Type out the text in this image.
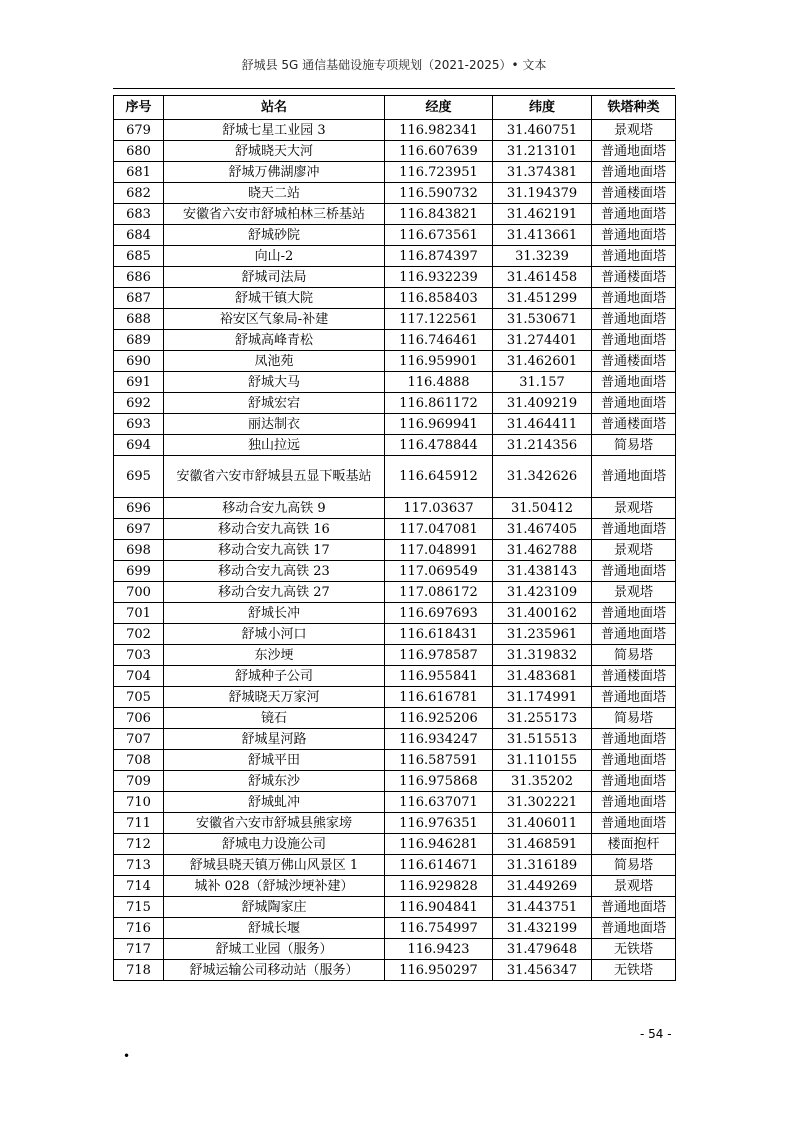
舒城县 5G 通信基础设施专项规划（2021-2025）• 文本
序号	站名	经度	纬度	铁塔种类
679	舒城七星工业园 3	116.982341	31.460751	景观塔
680	舒城晓天大河	116.607639	31.213101	普通地面塔
681	舒城万佛湖廖冲	116.723951	31.374381	普通地面塔
682	晓天二站	116.590732	31.194379	普通楼面塔
683	安徽省六安市舒城柏林三桥基站	116.843821	31.462191	普通地面塔
684	舒城砂院	116.673561	31.413661	普通地面塔
685	向山-2	116.874397	31.3239	普通地面塔
686	舒城司法局	116.932239	31.461458	普通楼面塔
687	舒城干镇大院	116.858403	31.451299	普通地面塔
688	裕安区气象局-补建	117.122561	31.530671	普通地面塔
689	舒城高峰青松	116.746461	31.274401	普通地面塔
690	凤池苑	116.959901	31.462601	普通楼面塔
691	舒城大马	116.4888	31.157	普通地面塔
692	舒城宏宕	116.861172	31.409219	普通地面塔
693	丽达制衣	116.969941	31.464411	普通楼面塔
694	独山拉远	116.478844	31.214356	简易塔
695	安徽省六安市舒城县五显下畈基站	116.645912	31.342626	普通地面塔
696	移动合安九高铁 9	117.03637	31.50412	景观塔
697	移动合安九高铁 16	117.047081	31.467405	普通地面塔
698	移动合安九高铁 17	117.048991	31.462788	景观塔
699	移动合安九高铁 23	117.069549	31.438143	普通地面塔
700	移动合安九高铁 27	117.086172	31.423109	景观塔
701	舒城长冲	116.697693	31.400162	普通地面塔
702	舒城小河口	116.618431	31.235961	普通地面塔
703	东沙埂	116.978587	31.319832	简易塔
704	舒城种子公司	116.955841	31.483681	普通楼面塔
705	舒城晓天万家河	116.616781	31.174991	普通地面塔
706	镜石	116.925206	31.255173	简易塔
707	舒城星河路	116.934247	31.515513	普通地面塔
708	舒城平田	116.587591	31.110155	普通地面塔
709	舒城东沙	116.975868	31.35202	普通地面塔
710	舒城虬冲	116.637071	31.302221	普通地面塔
711	安徽省六安市舒城县熊家塝	116.976351	31.406011	普通地面塔
712	舒城电力设施公司	116.946281	31.468591	楼面抱杆
713	舒城县晓天镇万佛山风景区 1	116.614671	31.316189	简易塔
714	城补 028（舒城沙埂补建）	116.929828	31.449269	景观塔
715	舒城陶家庄	116.904841	31.443751	普通地面塔
716	舒城长堰	116.754997	31.432199	普通地面塔
717	舒城工业园（服务）	116.9423	31.479648	无铁塔
718	舒城运输公司移动站（服务）	116.950297	31.456347	无铁塔
- 54 -
•
